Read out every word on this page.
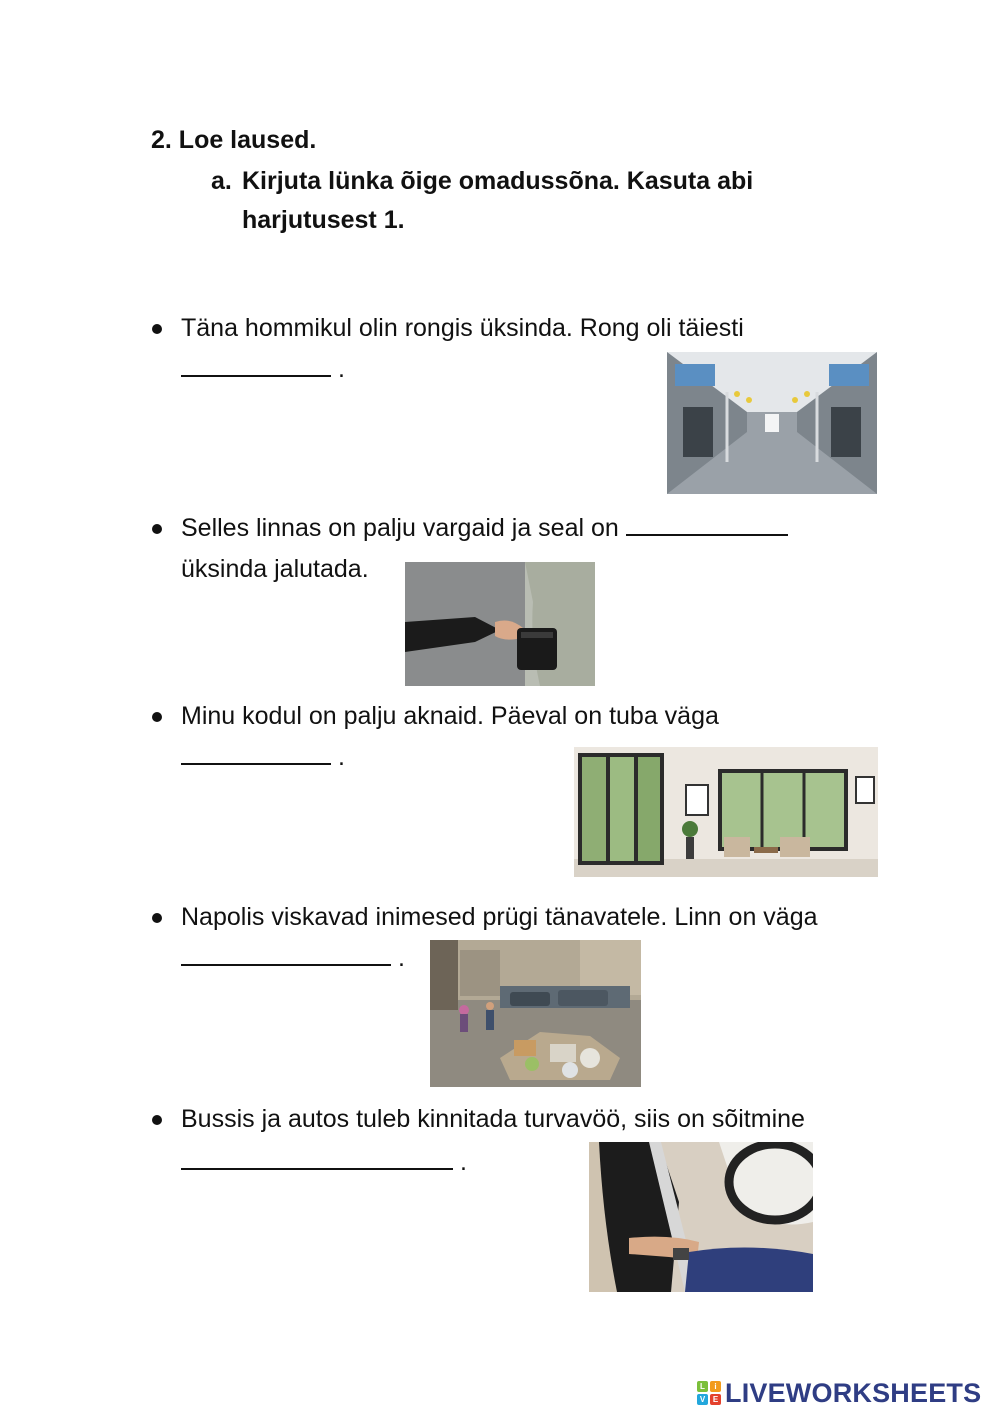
2. Loe laused.
a. Kirjuta lünka õige omadussõna. Kasuta abi
harjutusest 1.
Täna hommikul olin rongis üksinda. Rong oli täiesti
.
Selles linnas on palju vargaid ja seal on
üksinda jalutada.
Minu kodul on palju aknaid. Päeval on tuba väga
.
Napolis viskavad inimesed prügi tänavatele. Linn on väga
.
Bussis ja autos tuleb kinnitada turvavöö, siis on sõitmine
.
L	i
V E LIVEWORKSHEETS
